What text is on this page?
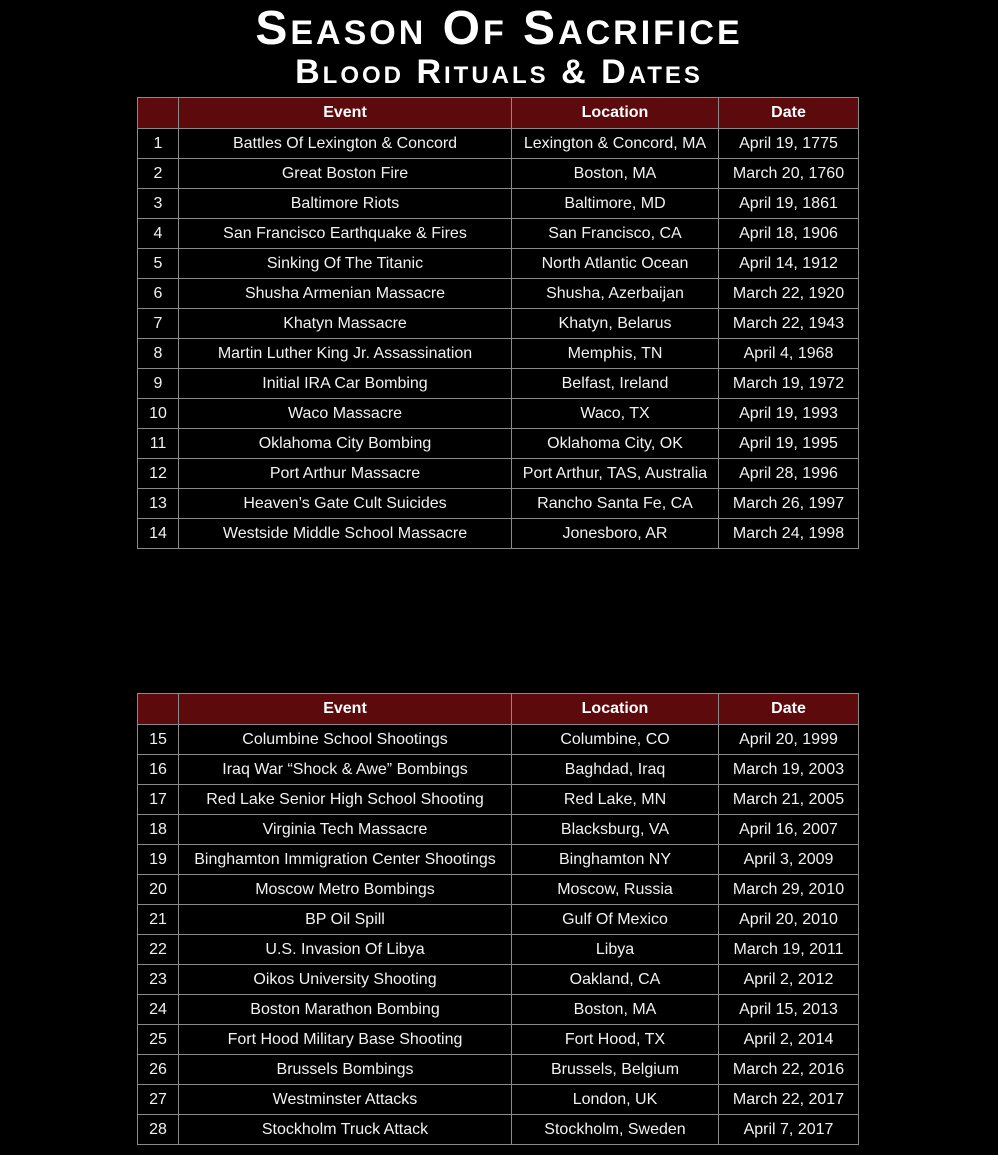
Season Of Sacrifice
Blood Rituals & Dates
	Event	Location	Date
1	Battles Of Lexington & Concord	Lexington & Concord, MA	April 19, 1775
2	Great Boston Fire	Boston, MA	March 20, 1760
3	Baltimore Riots	Baltimore, MD	April 19, 1861
4	San Francisco Earthquake & Fires	San Francisco, CA	April 18, 1906
5	Sinking Of The Titanic	North Atlantic Ocean	April 14, 1912
6	Shusha Armenian Massacre	Shusha, Azerbaijan	March 22, 1920
7	Khatyn Massacre	Khatyn, Belarus	March 22, 1943
8	Martin Luther King Jr. Assassination	Memphis, TN	April 4, 1968
9	Initial IRA Car Bombing	Belfast, Ireland	March 19, 1972
10	Waco Massacre	Waco, TX	April 19, 1993
11	Oklahoma City Bombing	Oklahoma City, OK	April 19, 1995
12	Port Arthur Massacre	Port Arthur, TAS, Australia	April 28, 1996
13	Heaven’s Gate Cult Suicides	Rancho Santa Fe, CA	March 26, 1997
14	Westside Middle School Massacre	Jonesboro, AR	March 24, 1998
	Event	Location	Date
15	Columbine School Shootings	Columbine, CO	April 20, 1999
16	Iraq War “Shock & Awe” Bombings	Baghdad, Iraq	March 19, 2003
17	Red Lake Senior High School Shooting	Red Lake, MN	March 21, 2005
18	Virginia Tech Massacre	Blacksburg, VA	April 16, 2007
19	Binghamton Immigration Center Shootings	Binghamton NY	April 3, 2009
20	Moscow Metro Bombings	Moscow, Russia	March 29, 2010
21	BP Oil Spill	Gulf Of Mexico	April 20, 2010
22	U.S. Invasion Of Libya	Libya	March 19, 2011
23	Oikos University Shooting	Oakland, CA	April 2, 2012
24	Boston Marathon Bombing	Boston, MA	April 15, 2013
25	Fort Hood Military Base Shooting	Fort Hood, TX	April 2, 2014
26	Brussels Bombings	Brussels, Belgium	March 22, 2016
27	Westminster Attacks	London, UK	March 22, 2017
28	Stockholm Truck Attack	Stockholm, Sweden	April 7, 2017
